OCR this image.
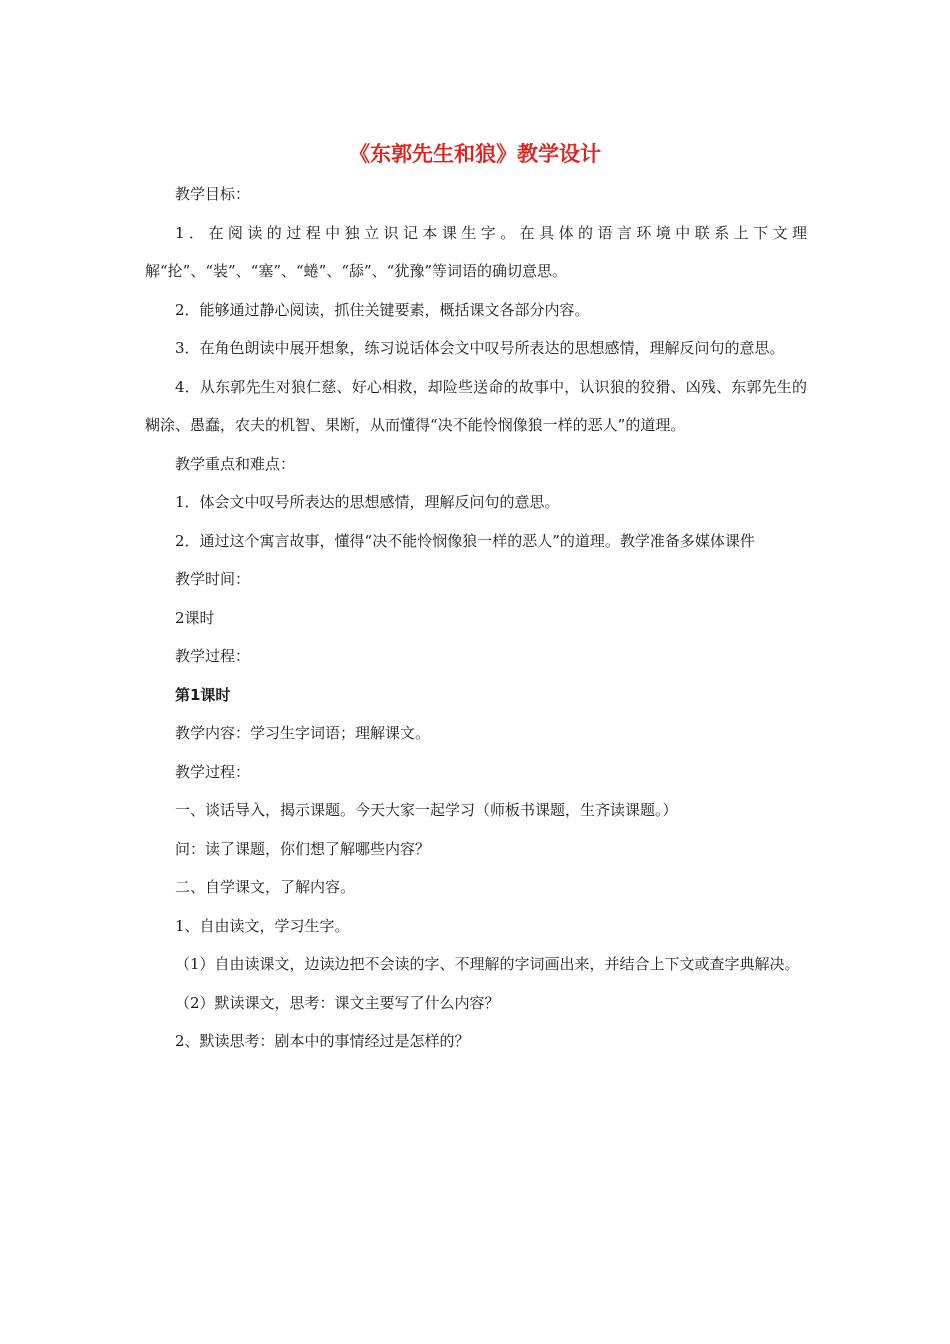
《东郭先生和狼》教学设计

教学目标：

1．在阅读的过程中独立识记本课生字。在具体的语言环境中联系上下文理解“抡”、“装”、“塞”、“蜷”、“舔”、“犹豫”等词语的确切意思。

2．能够通过静心阅读，抓住关键要素，概括课文各部分内容。

3．在角色朗读中展开想象，练习说话体会文中叹号所表达的思想感情，理解反问句的意思。

4．从东郭先生对狼仁慈、好心相救，却险些送命的故事中，认识狼的狡猾、凶残、东郭先生的糊涂、愚蠢，农夫的机智、果断，从而懂得“决不能怜悯像狼一样的恶人”的道理。

教学重点和难点：

1．体会文中叹号所表达的思想感情，理解反问句的意思。

2．通过这个寓言故事，懂得“决不能怜悯像狼一样的恶人”的道理。教学准备多媒体课件

教学时间：

2课时

教学过程：

第1课时

教学内容：学习生字词语；理解课文。

教学过程：

一、谈话导入，揭示课题。今天大家一起学习（师板书课题，生齐读课题。）

问：读了课题，你们想了解哪些内容？

二、自学课文，了解内容。

1、自由读文，学习生字。

（1）自由读课文，边读边把不会读的字、不理解的字词画出来，并结合上下文或查字典解决。

（2）默读课文，思考：课文主要写了什么内容？

2、默读思考：剧本中的事情经过是怎样的？
